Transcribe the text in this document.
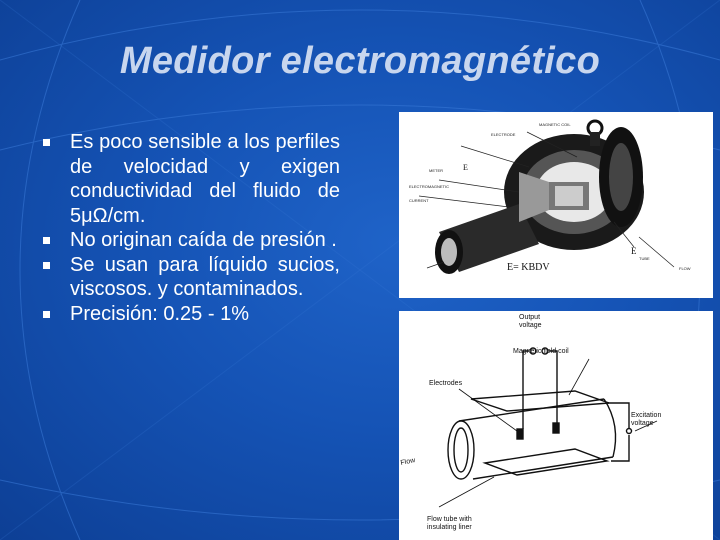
Medidor electromagnético
Es poco sensible a los perfiles de velocidad y exigen conductividad del fluido de 5μΩ/cm.
No originan caída de presión .
Se usan para líquido sucios, viscosos. y contaminados.
Precisión: 0.25 - 1%
ELECTRODE
MAGNETIC COIL
ELECTROMAGNETIC
CURRENT
METER
TUBE
FLOW
E
E
E= KBDV
Output
voltage
Magnetic field coil
Electrodes
Excitation
voltage
Flow
Flow tube with
insulating liner
